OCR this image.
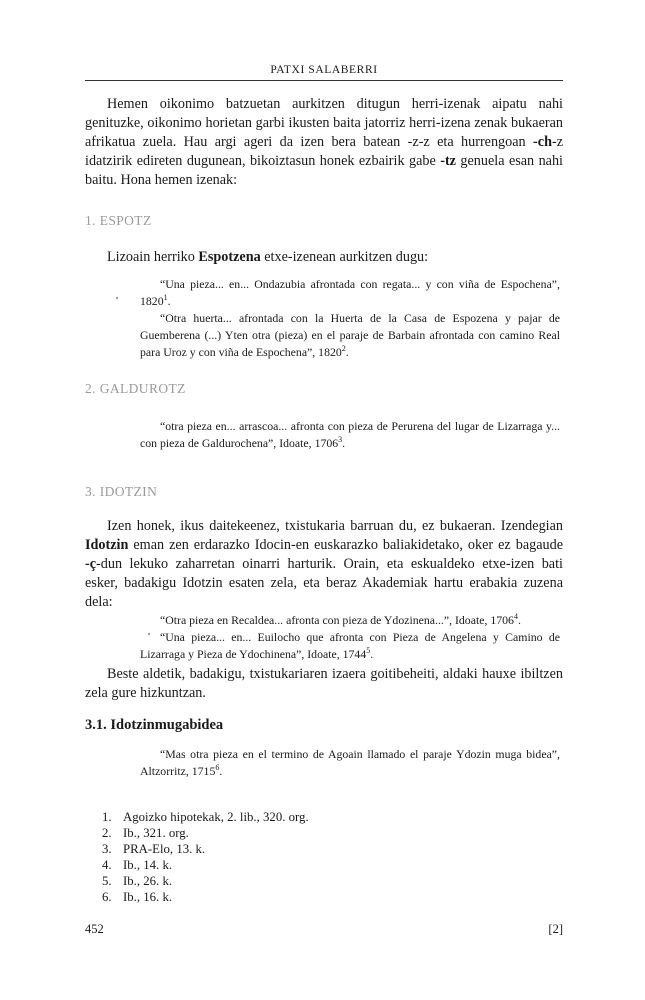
PATXI SALABERRI
Hemen oikonimo batzuetan aurkitzen ditugun herri-izenak aipatu nahi genituzke, oikonimo horietan garbi ikusten baita jatorriz herri-izena zenak bukaeran afrikatua zuela. Hau argi ageri da izen bera batean -z-z eta hurrengoan -ch-z idatzirik edireten dugunean, bikoiztasun honek ezbairik gabe -tz genuela esan nahi baitu. Hona hemen izenak:
1. ESPOTZ
Lizoain herriko Espotzena etxe-izenean aurkitzen dugu:

“Una pieza... en... Ondazubia afrontada con regata... y con viña de Espochena”, 1820$^1$.

“Otra huerta... afrontada con la Huerta de la Casa de Espozena y pajar de Guemberena (...) Yten otra (pieza) en el paraje de Barbain afrontada con camino Real para Uroz y con viña de Espochena”, 1820$^2$.

2. GALDUROTZ

“otra pieza en... arrascoa... afronta con pieza de Perurena del lugar de Lizarraga y... con pieza de Galdurochena”, Idoate, 1706$^3$.

3. IDOTZIN
Izen honek, ikus daitekeenez, txistukaria barruan du, ez bukaeran. Izendegian Idotzin eman zen erdarazko Idocin-en euskarazko baliakidetako, oker ez bagaude -ç-dun lekuko zaharretan oinarri harturik. Orain, eta eskualdeko etxe-izen bati esker, badakigu Idotzin esaten zela, eta beraz Akademiak hartu erabakia zuzena dela:

“Otra pieza en Recaldea... afronta con pieza de Ydozinena...”, Idoate, 1706$^4$.

“Una pieza... en... Euilocho que afronta con Pieza de Angelena y Camino de Lizarraga y Pieza de Ydochinena”, Idoate, 1744$^5$.

Beste aldetik, badakigu, txistukariaren izaera goitibeheiti, aldaki hauxe ibiltzen zela gure hizkuntzan.
3.1. Idotzinmugabidea

“Mas otra pieza en el termino de Agoain llamado el paraje Ydozin muga bidea”, Altzorritz, 1715$^6$.

1. Agoizko hipotekak, 2. lib., 320. org.
2. Ib., 321. org.
3. PRA-Elo, 13. k.
4. Ib., 14. k.
5. Ib., 26. k.
6. Ib., 16. k.
452	[2]
